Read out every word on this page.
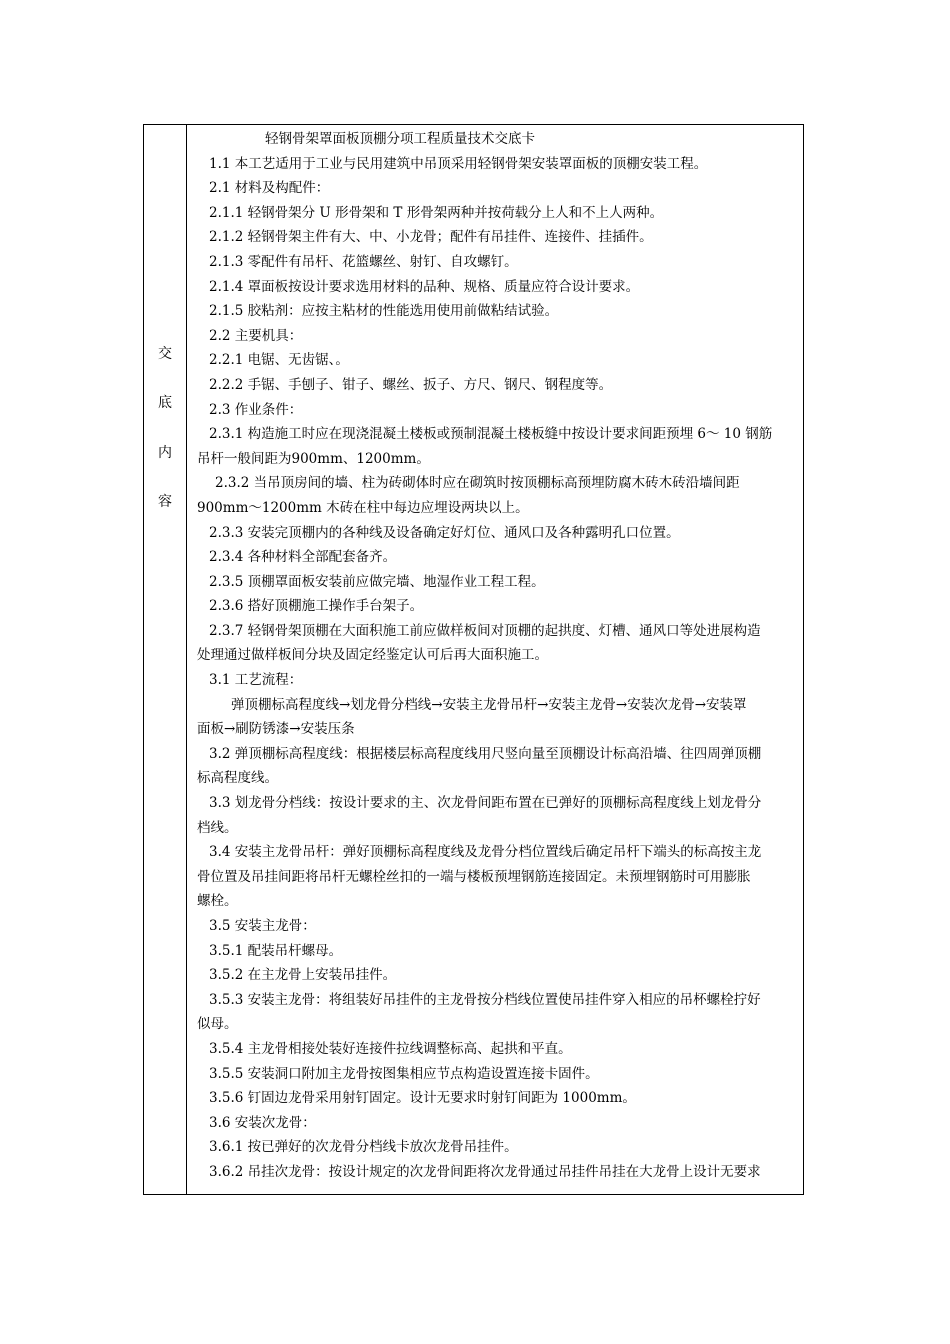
交
底
内
容
轻钢骨架罩面板顶棚分项工程质量技术交底卡
1.1 本工艺适用于工业与民用建筑中吊顶采用轻钢骨架安装罩面板的顶棚安装工程。
2.1 材料及构配件：
2.1.1 轻钢骨架分 U 形骨架和 T 形骨架两种并按荷载分上人和不上人两种。
2.1.2 轻钢骨架主件有大、中、小龙骨；配件有吊挂件、连接件、挂插件。
2.1.3 零配件有吊杆、花篮螺丝、射钉、自攻螺钉。
2.1.4 罩面板按设计要求选用材料的品种、规格、质量应符合设计要求。
2.1.5 胶粘剂：应按主粘材的性能选用使用前做粘结试验。
2.2 主要机具：
2.2.1 电锯、无齿锯、。
2.2.2 手锯、手刨子、钳子、螺丝、扳子、方尺、钢尺、钢程度等。
2.3 作业条件：
2.3.1 构造施工时应在现浇混凝土楼板或预制混凝土楼板缝中按设计要求间距预埋 6～ 10 钢筋
吊杆一般间距为900mm、1200mm。
2.3.2 当吊顶房间的墙、柱为砖砌体时应在砌筑时按顶棚标高预埋防腐木砖木砖沿墙间距
900mm～1200mm 木砖在柱中每边应埋设两块以上。
2.3.3 安装完顶棚内的各种线及设备确定好灯位、通风口及各种露明孔口位置。
2.3.4 各种材料全部配套备齐。
2.3.5 顶棚罩面板安装前应做完墙、地湿作业工程工程。
2.3.6 搭好顶棚施工操作手台架子。
2.3.7 轻钢骨架顶棚在大面积施工前应做样板间对顶棚的起拱度、灯槽、通风口等处进展构造
处理通过做样板间分块及固定经鉴定认可后再大面积施工。
3.1 工艺流程：
弹顶棚标高程度线→划龙骨分档线→安装主龙骨吊杆→安装主龙骨→安装次龙骨→安装罩
面板→刷防锈漆→安装压条
3.2 弹顶棚标高程度线：根据楼层标高程度线用尺竖向量至顶棚设计标高沿墙、往四周弹顶棚
标高程度线。
3.3 划龙骨分档线：按设计要求的主、次龙骨间距布置在已弹好的顶棚标高程度线上划龙骨分
档线。
3.4 安装主龙骨吊杆：弹好顶棚标高程度线及龙骨分档位置线后确定吊杆下端头的标高按主龙
骨位置及吊挂间距将吊杆无螺栓丝扣的一端与楼板预埋钢筋连接固定。未预埋钢筋时可用膨胀
螺栓。
3.5 安装主龙骨：
3.5.1 配装吊杆螺母。
3.5.2 在主龙骨上安装吊挂件。
3.5.3 安装主龙骨：将组装好吊挂件的主龙骨按分档线位置使吊挂件穿入相应的吊杯螺栓拧好
似母。
3.5.4 主龙骨相接处装好连接件拉线调整标高、起拱和平直。
3.5.5 安装洞口附加主龙骨按图集相应节点构造设置连接卡固件。
3.5.6 钉固边龙骨采用射钉固定。设计无要求时射钉间距为 1000mm。
3.6 安装次龙骨：
3.6.1 按已弹好的次龙骨分档线卡放次龙骨吊挂件。
3.6.2 吊挂次龙骨：按设计规定的次龙骨间距将次龙骨通过吊挂件吊挂在大龙骨上设计无要求
